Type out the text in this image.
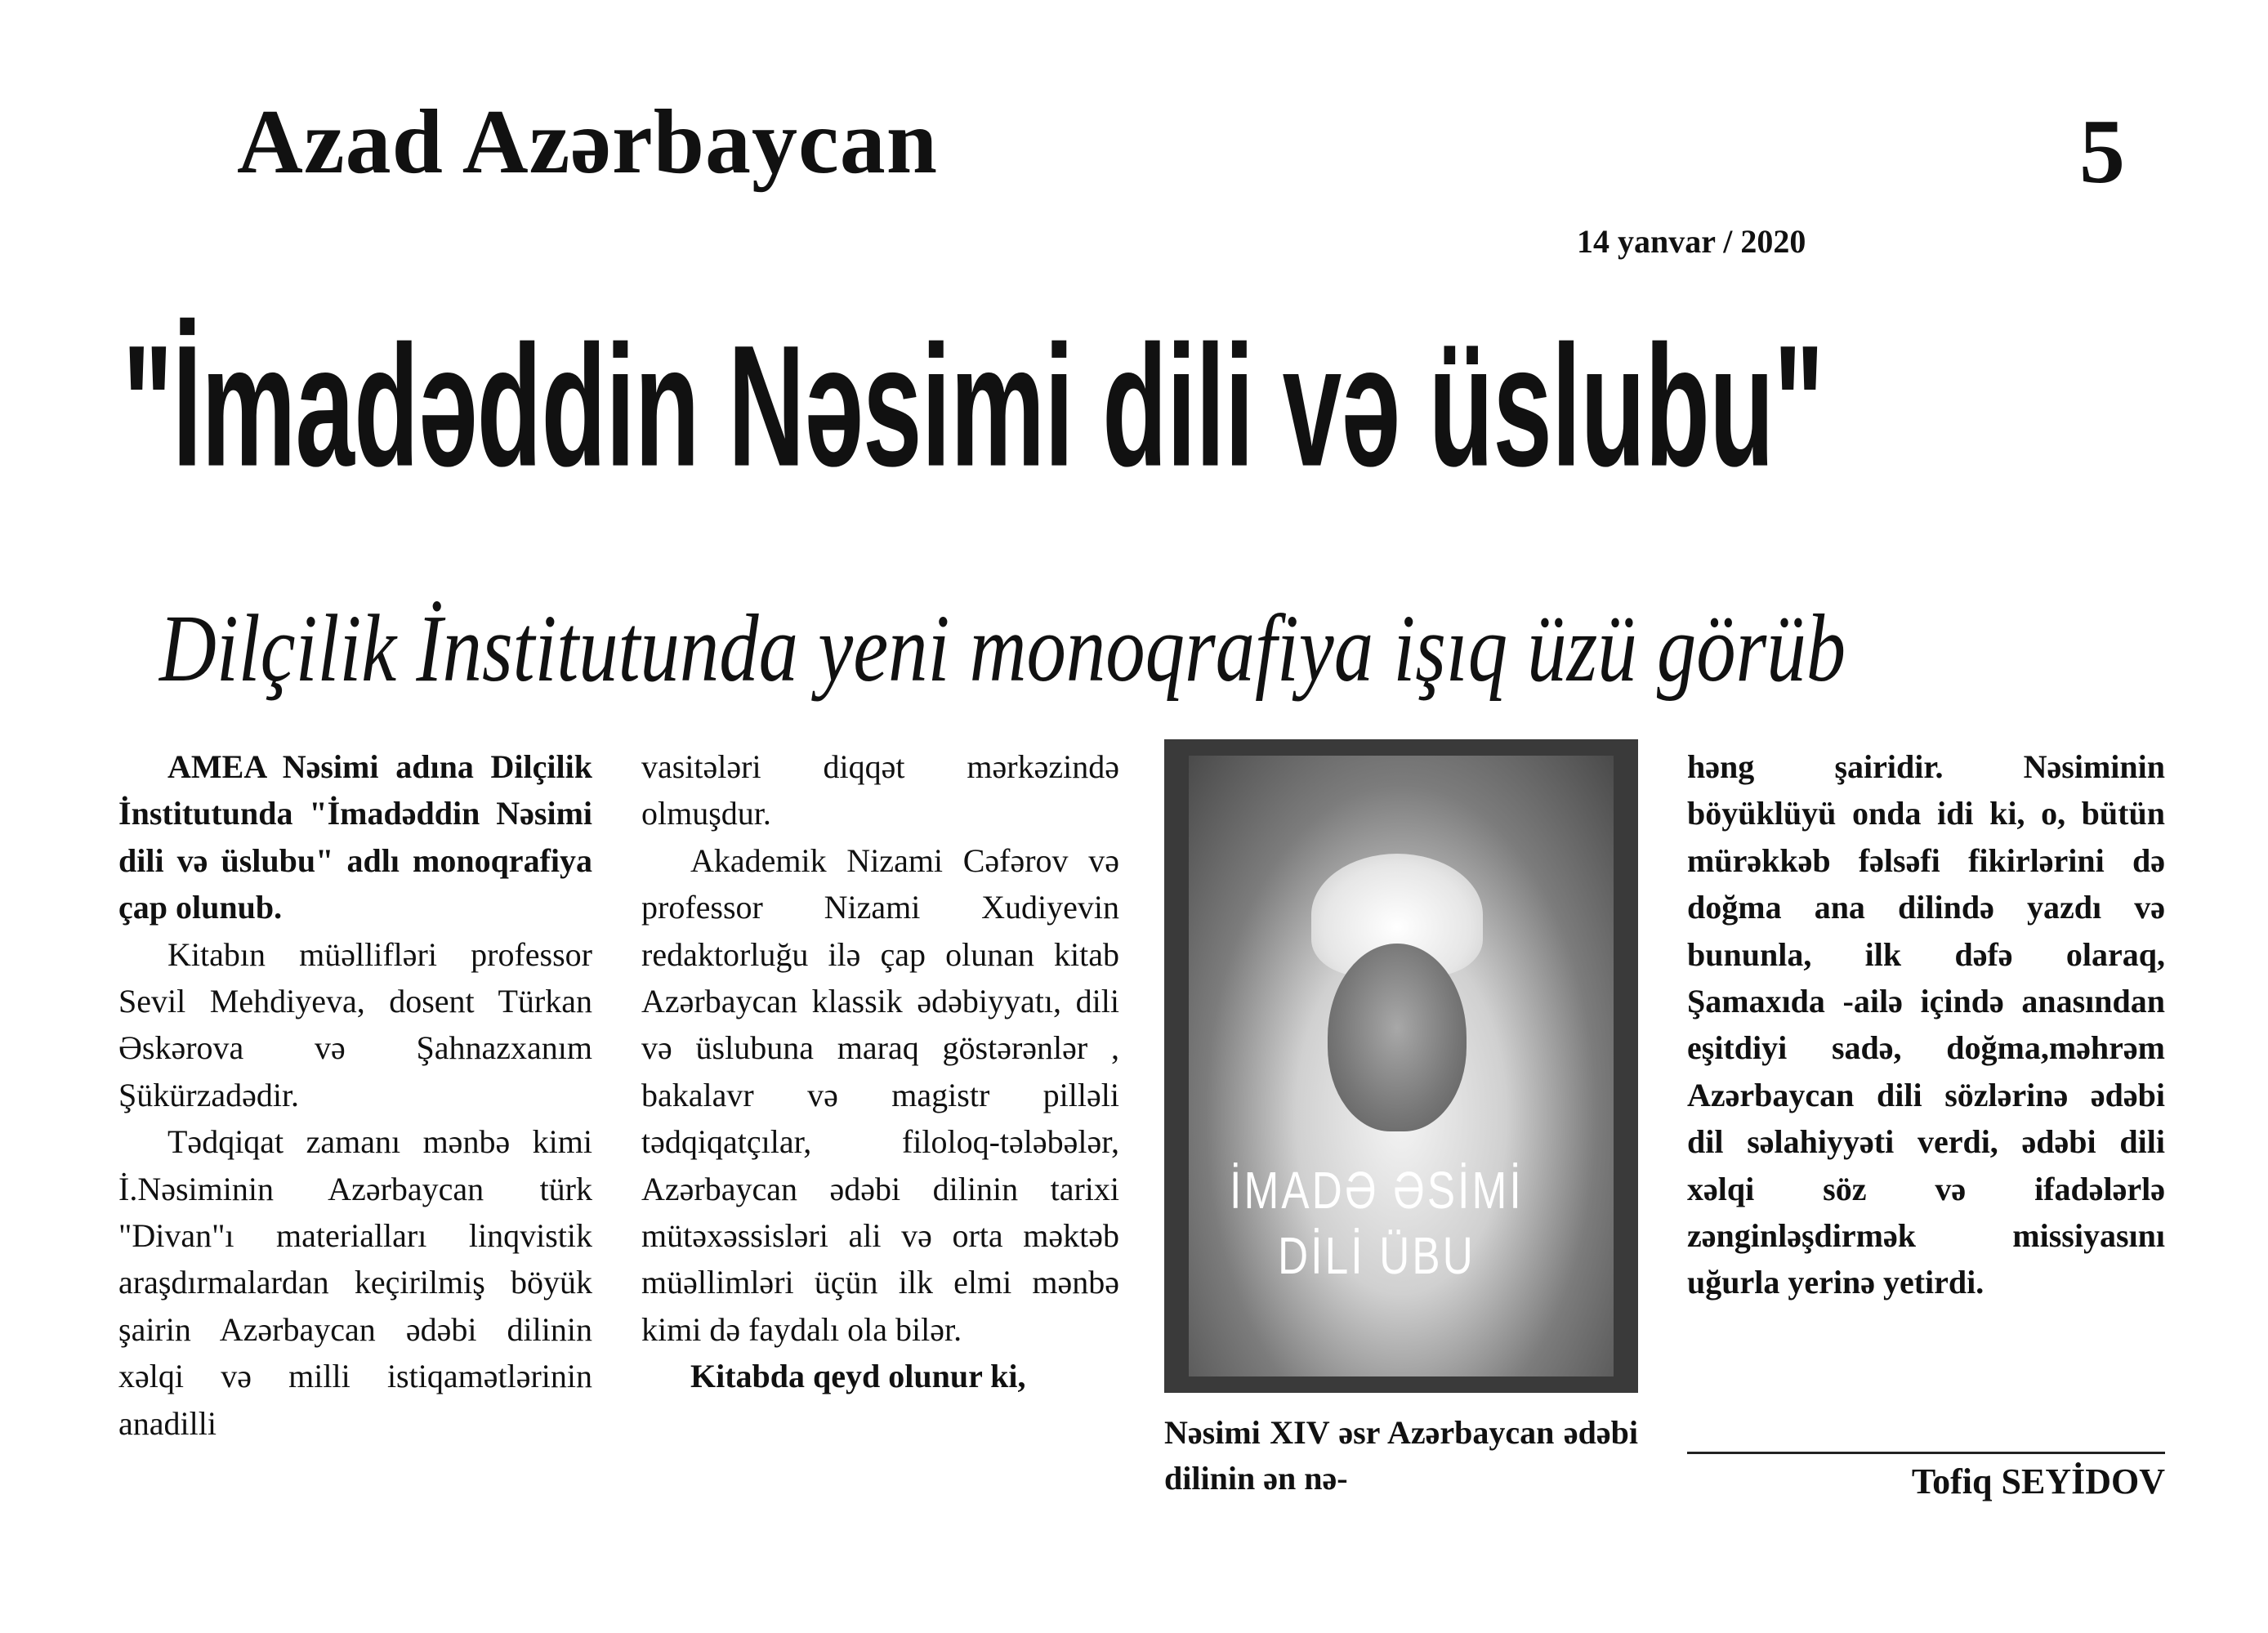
Azad Azərbaycan	5
14 yanvar / 2020
"İmadəddin Nəsimi dili və üslubu"
Dilçilik İnstitutunda yeni monoqrafiya işıq üzü görüb

AMEA Nəsimi adına Dilçilik İnstitutunda "İmadəddin Nəsimi dili və üslubu" adlı monoqrafiya çap olunub.

Kitabın müəllifləri professor Sevil Mehdiyeva, dosent Türkan Əskərova və Şahnazxanım Şükürzadədir.

Tədqiqat zamanı mənbə kimi İ.Nəsiminin Azərbaycan türk "Divan"ı materialları linqvistik araşdırmalardan keçirilmiş böyük şairin Azərbaycan ədəbi dilinin xəlqi və milli istiqamətlərinin anadilli

vasitələri diqqət mərkəzində olmuşdur.

Akademik Nizami Cəfərov və professor Nizami Xudiyevin redaktorluğu ilə çap olunan kitab Azərbaycan klassik ədəbiyyatı, dili və üslubuna maraq göstərənlər , bakalavr və magistr pilləli tədqiqatçılar, filoloq-tələbələr, Azərbaycan ədəbi dilinin tarixi mütəxəssisləri ali və orta məktəb müəllimləri üçün ilk elmi mənbə kimi də faydalı ola bilər.

Kitabda qeyd olunur ki,

İMADƏ ƏSİMİ
DİLİ ÜBU
Nəsimi XIV əsr Azərbaycan ədəbi dilinin ən nə-

həng şairidir. Nəsiminin böyüklüyü onda idi ki, o, bütün mürəkkəb fəlsəfi fikirlərini də doğma ana dilində yazdı və bununla, ilk dəfə olaraq, Şamaxıda -ailə içində anasından eşitdiyi sadə, doğma,məhrəm Azərbaycan dili sözlərinə ədəbi dil səlahiyyəti verdi, ədəbi dili xəlqi söz və ifadələrlə zənginləşdirmək missiyasını uğurla yerinə yetirdi.

Tofiq SEYİDOV
